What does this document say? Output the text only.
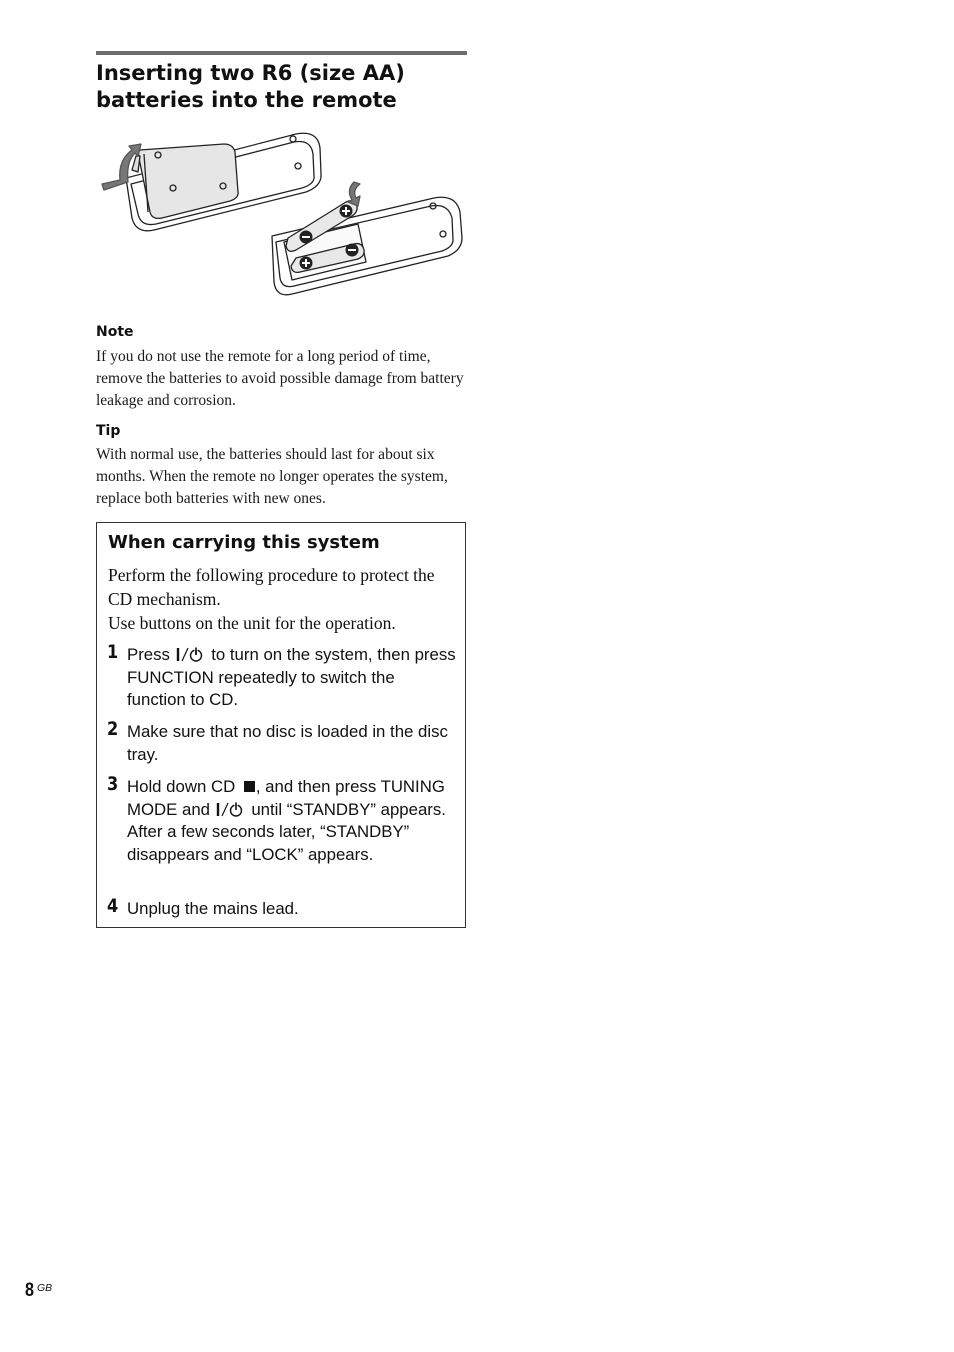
Inserting two R6 (size AA)
batteries into the remote
Note

If you do not use the remote for a long period of time, remove the batteries to avoid possible damage from battery leakage and corrosion.

Tip

With normal use, the batteries should last for about six months. When the remote no longer operates the system, replace both batteries with new ones.

When carrying this system

Perform the following procedure to protect the CD mechanism.
Use buttons on the unit for the operation.

1 Press  to turn on the system, then press FUNCTION repeatedly to switch the function to CD.
2 Make sure that no disc is loaded in the disc tray.
3 Hold down CD , and then press TUNING MODE and  until “STANDBY” appears. After a few seconds later, “STANDBY” disappears and “LOCK” appears.
4 Unplug the mains lead.
8 GB
